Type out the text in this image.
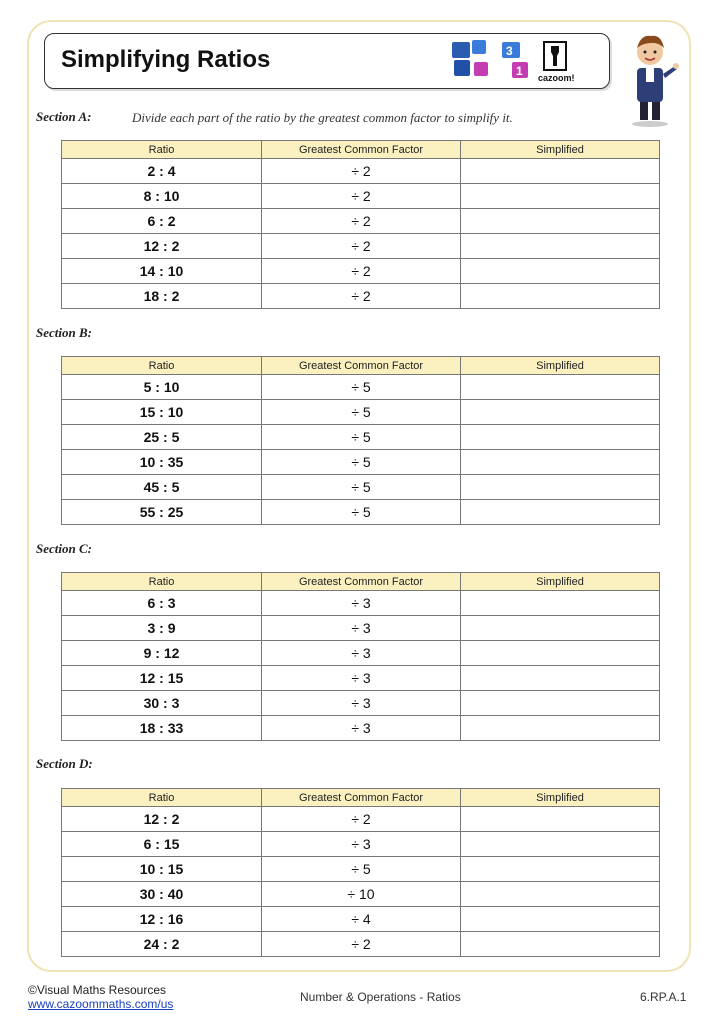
Simplifying Ratios	3
1 cazoom!
Section A:	Divide each part of the ratio by the greatest common factor to simplify it.
Ratio	Greatest Common Factor	Simplified
2 : 4	÷ 2	
8 : 10	÷ 2	
6 : 2	÷ 2	
12 : 2	÷ 2	
14 : 10	÷ 2	
18 : 2	÷ 2	
Section B:
Ratio	Greatest Common Factor	Simplified
5 : 10	÷ 5	
15 : 10	÷ 5	
25 : 5	÷ 5	
10 : 35	÷ 5	
45 : 5	÷ 5	
55 : 25	÷ 5	
Section C:
Ratio	Greatest Common Factor	Simplified
6 : 3	÷ 3	
3 : 9	÷ 3	
9 : 12	÷ 3	
12 : 15	÷ 3	
30 : 3	÷ 3	
18 : 33	÷ 3	
Section D:
Ratio	Greatest Common Factor	Simplified
12 : 2	÷ 2	
6 : 15	÷ 3	
10 : 15	÷ 5	
30 : 40	÷ 10	
12 : 16	÷ 4	
24 : 2	÷ 2	
©Visual Maths Resources
www.cazoommaths.com/us	Number & Operations - Ratios	6.RP.A.1
